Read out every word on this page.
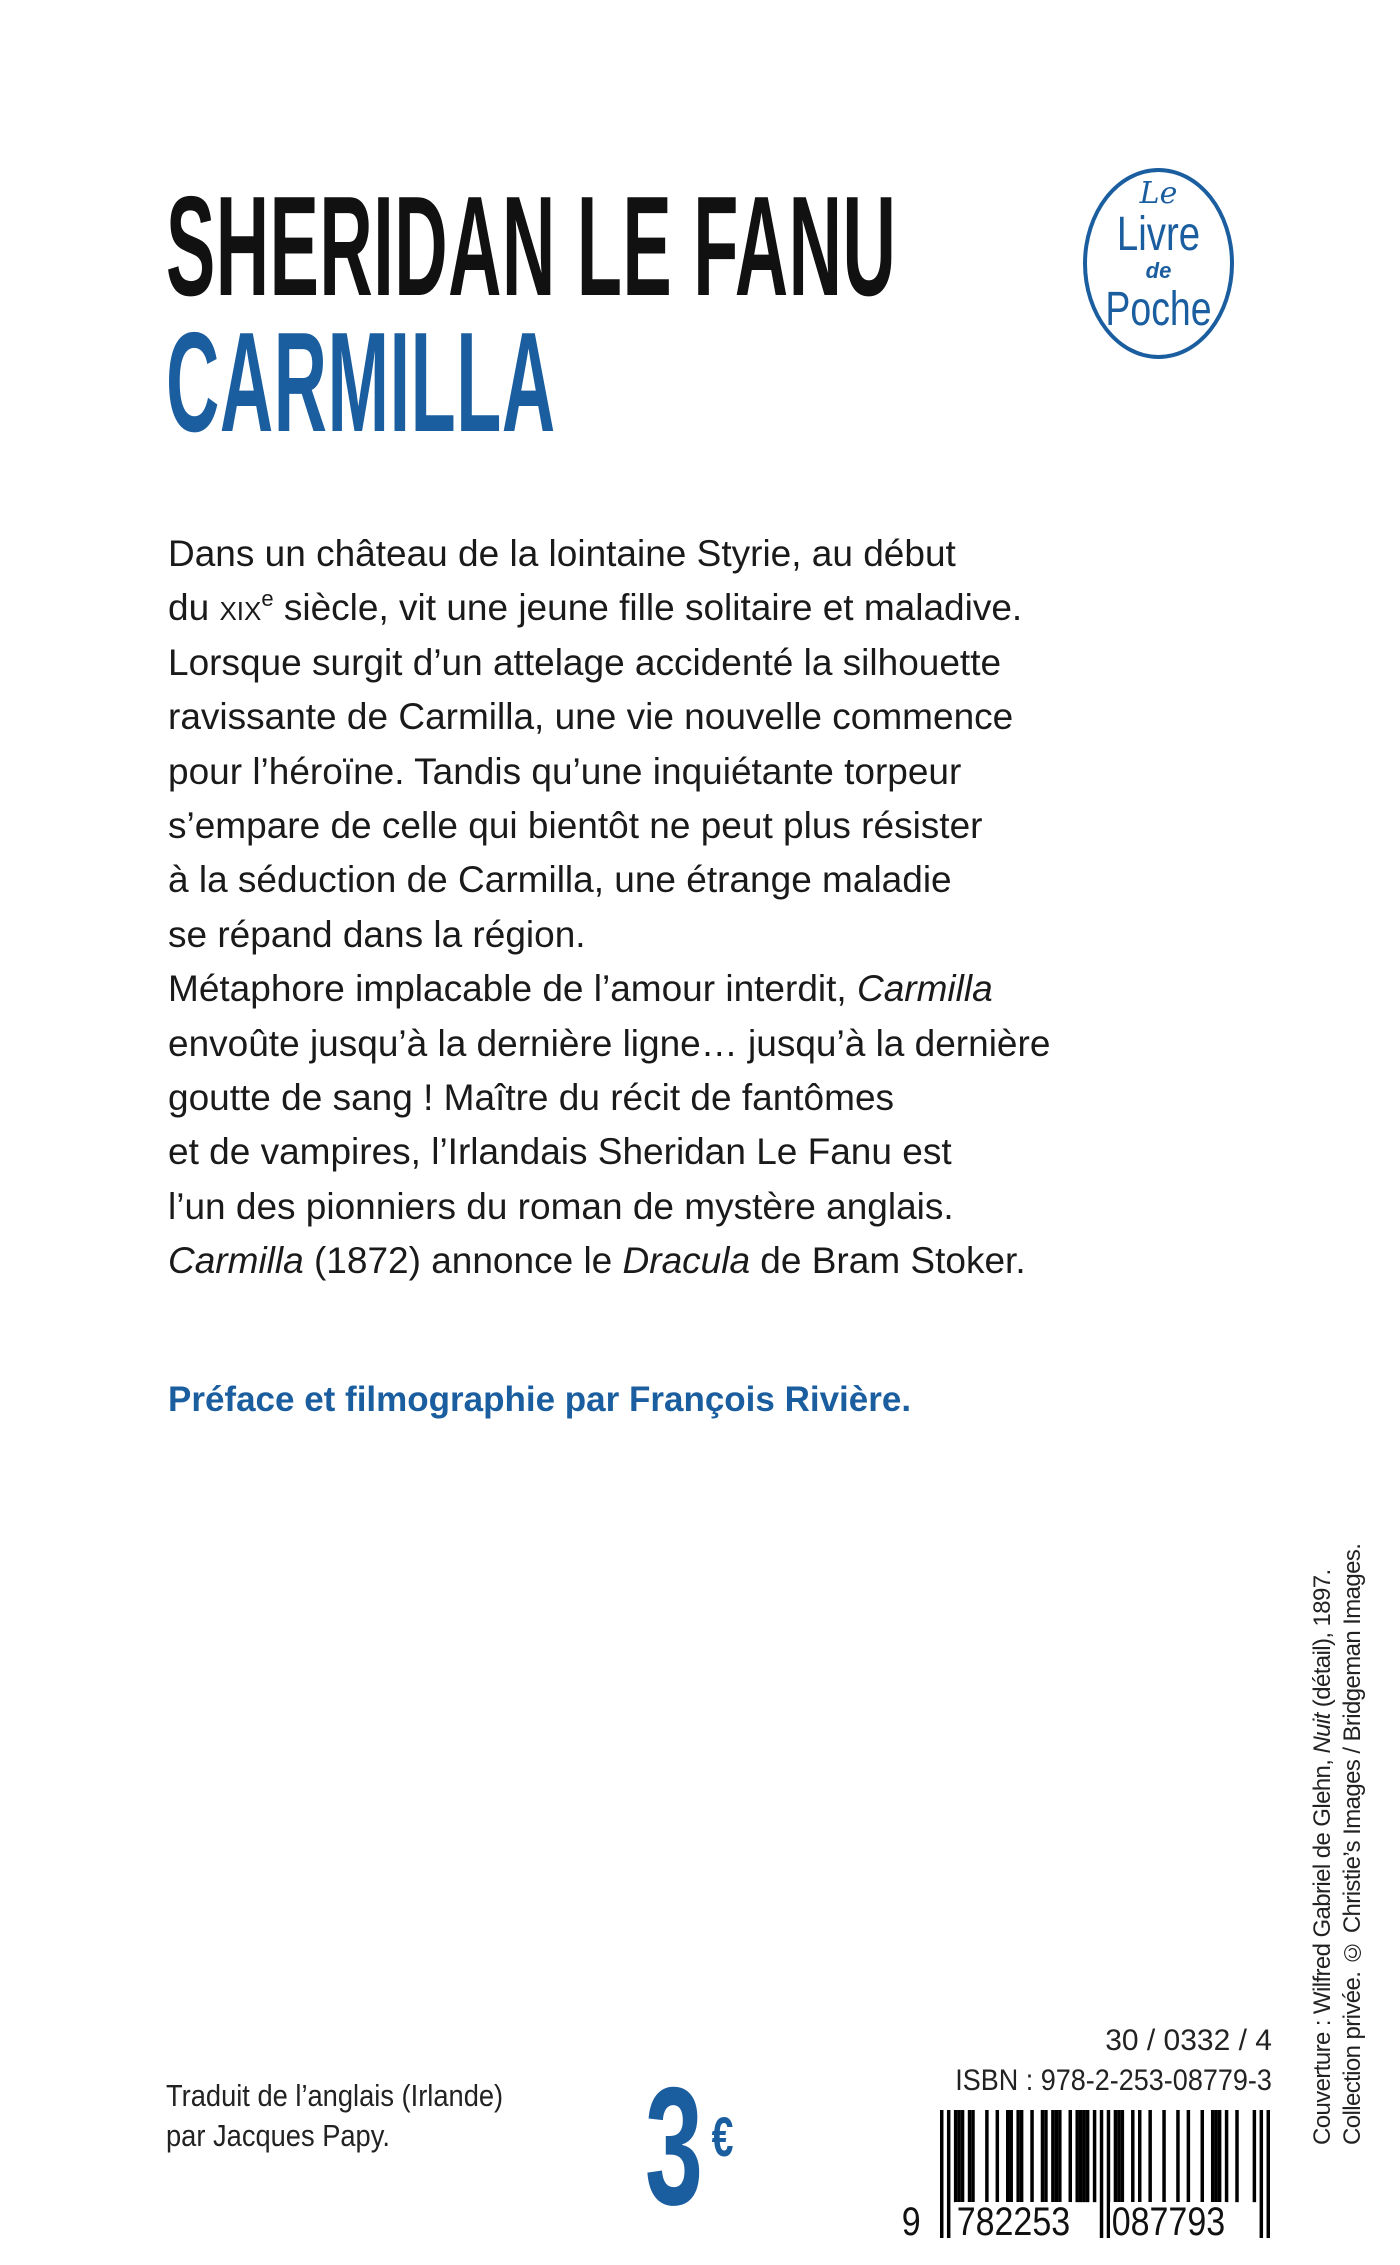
SHERIDAN LE FANU
CARMILLA
Le
Livre
de
Poche
Dans un château de la lointaine Styrie, au début
du XIXe siècle, vit une jeune fille solitaire et maladive.
Lorsque surgit d’un attelage accidenté la silhouette
ravissante de Carmilla, une vie nouvelle commence
pour l’héroïne. Tandis qu’une inquiétante torpeur
s’empare de celle qui bientôt ne peut plus résister
à la séduction de Carmilla, une étrange maladie
se répand dans la région.
Métaphore implacable de l’amour interdit, Carmilla
envoûte jusqu’à la dernière ligne… jusqu’à la dernière
goutte de sang ! Maître du récit de fantômes
et de vampires, l’Irlandais Sheridan Le Fanu est
l’un des pionniers du roman de mystère anglais.
Carmilla (1872) annonce le Dracula de Bram Stoker.
Préface et filmographie par François Rivière.
Couverture : Wilfred Gabriel de Glehn, Nuit (détail), 1897. Collection privée. © Christie’s Images / Bridgeman Images.
Traduit de l’anglais (Irlande)
par Jacques Papy.	3 €
30 / 0332 / 4
ISBN : 978-2-253-08779-3
9 782253 087793
